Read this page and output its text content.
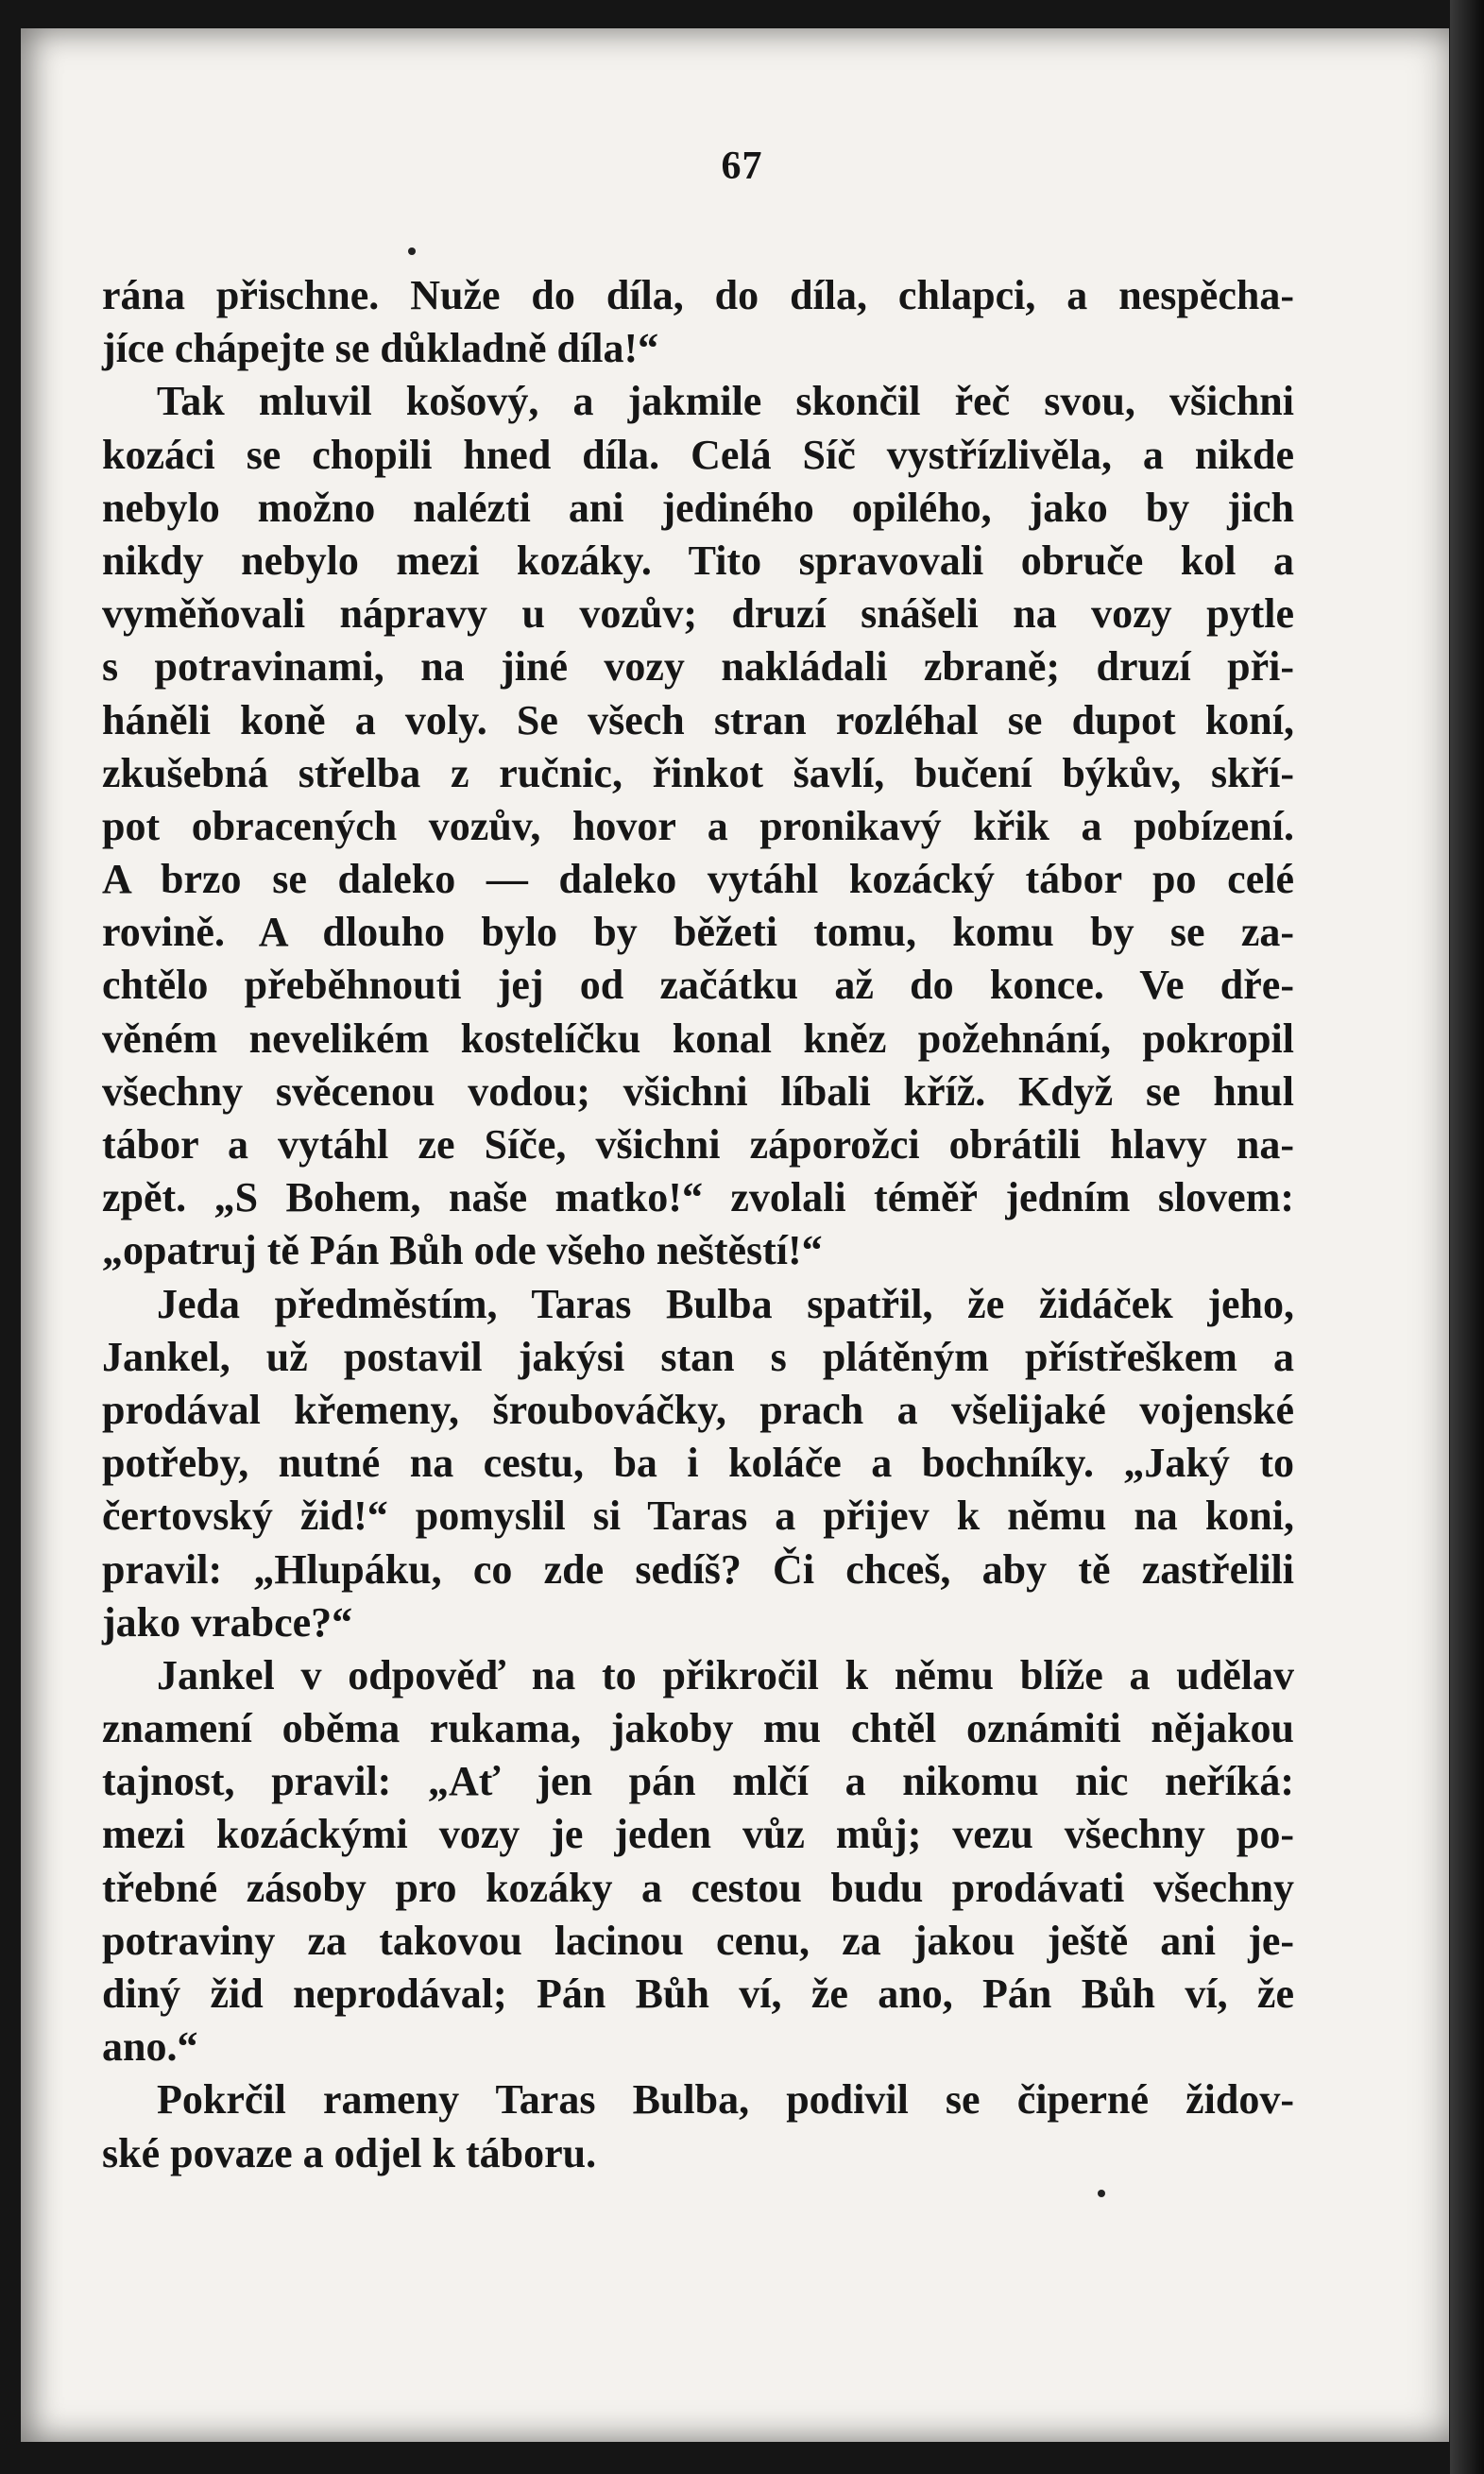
67
rána přischne. Nuže do díla, do díla, chlapci, a nespěcha-
jíce chápejte se důkladně díla!“
Tak mluvil košový, a jakmile skončil řeč svou, všichni
kozáci se chopili hned díla. Celá Síč vystřízlivěla, a nikde
nebylo možno nalézti ani jediného opilého, jako by jich
nikdy nebylo mezi kozáky. Tito spravovali obruče kol a
vyměňovali nápravy u vozův; druzí snášeli na vozy pytle
s potravinami, na jiné vozy nakládali zbraně; druzí při-
háněli koně a voly. Se všech stran rozléhal se dupot koní,
zkušebná střelba z ručnic, řinkot šavlí, bučení býkův, skří-
pot obracených vozův, hovor a pronikavý křik a pobízení.
A brzo se daleko — daleko vytáhl kozácký tábor po celé
rovině. A dlouho bylo by běžeti tomu, komu by se za-
chtělo přeběhnouti jej od začátku až do konce. Ve dře-
věném nevelikém kostelíčku konal kněz požehnání, pokropil
všechny svěcenou vodou; všichni líbali kříž. Když se hnul
tábor a vytáhl ze Síče, všichni záporožci obrátili hlavy na-
zpět. „S Bohem, naše matko!“ zvolali téměř jedním slovem:
„opatruj tě Pán Bůh ode všeho neštěstí!“
Jeda předměstím, Taras Bulba spatřil, že židáček jeho,
Jankel, už postavil jakýsi stan s plátěným přístřeškem a
prodával křemeny, šroubováčky, prach a všelijaké vojenské
potřeby, nutné na cestu, ba i koláče a bochníky. „Jaký to
čertovský žid!“ pomyslil si Taras a přijev k němu na koni,
pravil: „Hlupáku, co zde sedíš? Či chceš, aby tě zastřelili
jako vrabce?“
Jankel v odpověď na to přikročil k němu blíže a udělav
znamení oběma rukama, jakoby mu chtěl oznámiti nějakou
tajnost, pravil: „Ať jen pán mlčí a nikomu nic neříká:
mezi kozáckými vozy je jeden vůz můj; vezu všechny po-
třebné zásoby pro kozáky a cestou budu prodávati všechny
potraviny za takovou lacinou cenu, za jakou ještě ani je-
diný žid neprodával; Pán Bůh ví, že ano, Pán Bůh ví, že
ano.“
Pokrčil rameny Taras Bulba, podivil se čiperné židov-
ské povaze a odjel k táboru.
